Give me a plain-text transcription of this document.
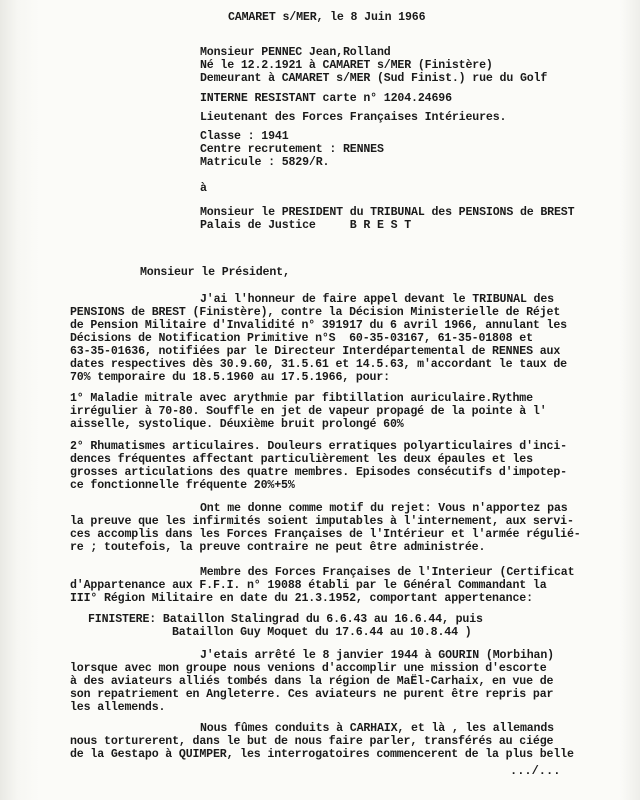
CAMARET s/MER, le 8 Juin 1966
Monsieur PENNEC Jean,Rolland
Né le 12.2.1921 à CAMARET s/MER (Finistère)
Demeurant à CAMARET s/MER (Sud Finist.) rue du Golf
INTERNE RESISTANT carte n° 1204.24696
Lieutenant des Forces Françaises Intérieures.
Classe : 1941
Centre recrutement : RENNES
Matricule : 5829/R.
à
Monsieur le PRESIDENT du TRIBUNAL des PENSIONS de BREST
Palais de Justice     B R E S T
Monsieur le Président,
J'ai l'honneur de faire appel devant le TRIBUNAL des
PENSIONS de BREST (Finistère), contre la Décision Ministerielle de Réjet
de Pension Militaire d'Invalidité n° 391917 du 6 avril 1966, annulant les
Décisions de Notification Primitive n°S  60-35-03167, 61-35-01808 et
63-35-01636, notifiées par le Directeur Interdépartemental de RENNES aux
dates respectives dès 30.9.60, 31.5.61 et 14.5.63, m'accordant le taux de
70% temporaire du 18.5.1960 au 17.5.1966, pour:
1° Maladie mitrale avec arythmie par fibtillation auriculaire.Rythme
irrégulier à 70-80. Souffle en jet de vapeur propagé de la pointe à l'
aisselle, systolique. Déuxième bruit prolongé 60%
2° Rhumatismes articulaires. Douleurs erratiques polyarticulaires d'inci-
dences fréquentes affectant particulièrement les deux épaules et les
grosses articulations des quatre membres. Episodes consécutifs d'impotep-
ce fonctionnelle fréquente 20%+5%
Ont me donne comme motif du rejet: Vous n'apportez pas
la preuve que les infirmités soient imputables à l'internement, aux servi-
ces accomplis dans les Forces Françaises de l'Intérieur et l'armée régulié-
re ; toutefois, la preuve contraire ne peut être administrée.
Membre des Forces Françaises de l'Interieur (Certificat
d'Appartenance aux F.F.I. n° 19088 établi par le Général Commandant la
III° Région Militaire en date du 21.3.1952, comportant appertenance:
FINISTERE: Bataillon Stalingrad du 6.6.43 au 16.6.44, puis
Bataillon Guy Moquet du 17.6.44 au 10.8.44 )
J'etais arrêté le 8 janvier 1944 à GOURIN (Morbihan)
lorsque avec mon groupe nous venions d'accomplir une mission d'escorte
à des aviateurs alliés tombés dans la région de MaËl-Carhaix, en vue de
son repatriement en Angleterre. Ces aviateurs ne purent être repris par
les allemends.
Nous fûmes conduits à CARHAIX, et là , les allemands
nous torturerent, dans le but de nous faire parler, transférés au ciége
de la Gestapo à QUIMPER, les interrogatoires commencerent de la plus belle
.../...
